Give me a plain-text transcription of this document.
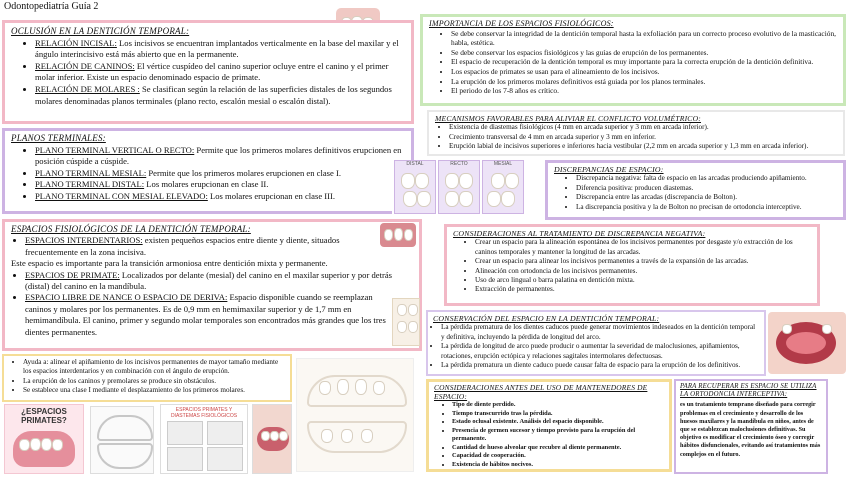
Odontopediatría Guía 2
OCLUSIÓN EN LA DENTICIÓN TEMPORAL:
• RELACIÓN INCISAL: Los incisivos se encuentran implantados verticalmente en la base del maxilar y el ángulo interincisivo está más abierto que en la permanente.
• RELACIÓN DE CANINOS: El vértice cuspídeo del canino superior ocluye entre el canino y el primer molar inferior. Existe un espacio denominado espacio de primate.
• RELACIÓN DE MOLARES : Se clasifican según la relación de las superficies distales de los segundos molares denominadas planos terminales (plano recto, escalón mesial o escalón distal).
PLANOS TERMINALES:
• PLANO TERMINAL VERTICAL O RECTO: Permite que los primeros molares definitivos erupcionen en posición cúspide a cúspide.
• PLANO TERMINAL MESIAL: Permite que los primeros molares erupcionen en clase I.
• PLANO TERMINAL DISTAL: Los molares erupcionan en clase II.
• PLANO TERMINAL CON MESIAL ELEVADO: Los molares erupcionan en clase III.
ESPACIOS FISIOLÓGICOS DE LA DENTICIÓN TEMPORAL:
• ESPACIOS INTERDENTARIOS: existen pequeños espacios entre diente y diente, situados frecuentemente en la zona incisiva.
Este espacio es importante para la transición armoniosa entre dentición mixta y permanente.
• ESPACIOS DE PRIMATE: Localizados por delante (mesial) del canino en el maxilar superior y por detrás (distal) del canino en la mandíbula.
• ESPACIO LIBRE DE NANCE O ESPACIO DE DERIVA: Espacio disponible cuando se reemplazan caninos y molares por los permanentes. Es de 0,9 mm en hemimaxilar superior y de 1,7 mm en hemimandíbula. El canino, primer y segundo molar temporales son encontrados más grandes que los tres dientes permanentes.
• Ayuda a: alinear el apiñamiento de los incisivos permanentes de mayor tamaño mediante los espacios interdentarios y en combinación con el ángulo de erupción.
• La erupción de los caninos y premolares se produce sin obstáculos.
• Se establece una clase I mediante el desplazamiento de los primeros molares.
¿ESPACIOS PRIMATES?
ESPACIOS PRIMATES Y DIASTEMAS FISIOLÓGICOS
IMPORTANCIA DE LOS ESPACIOS FISIOLÓGICOS:
• Se debe conservar la integridad de la dentición temporal hasta la exfoliación para un correcto proceso evolutivo de la masticación, habla, estética.
• Se debe conservar los espacios fisiológicos y las guías de erupción de los permanentes.
• El espacio de recuperación de la dentición temporal es muy importante para la correcta erupción de la dentición definitiva.
• Los espacios de primates se usan para el alineamiento de los incisivos.
• La erupción de los primeros molares definitivos está guiada por los planos terminales.
• El periodo de los 7-8 años es crítico.
MECANISMOS FAVORABLES PARA ALIVIAR EL CONFLICTO VOLUMÉTRICO:
• Existencia de diastemas fisiológicos (4 mm en arcada superior y 3 mm en arcada inferior).
• Crecimiento transversal de 4 mm en arcada superior y 3 mm en inferior.
• Erupción labial de incisivos superiores e inferiores hacia vestibular (2,2 mm en arcada superior y 1,3 mm en arcada inferior).
DISTAL	RECTO	MESIAL
DISCREPANCIAS DE ESPACIO:
• Discrepancia negativa: falta de espacio en las arcadas produciendo apiñamiento.
• Diferencia positiva: producen diastemas.
• Discrepancia entre las arcadas (discrepancia de Bolton).
• La discrepancia positiva y la de Bolton no precisan de ortodoncia interceptive.
CONSIDERACIONES AL TRATAMIENTO DE DISCREPANCIA NEGATIVA:
• Crear un espacio para la alineación espontánea de los incisivos permanentes por desgaste y/o extracción de los caninos temporales y mantener la longitud de las arcadas.
• Crear un espacio para alinear los incisivos permanentes a través de la expansión de las arcadas.
• Alineación con ortodoncia de los incisivos permanentes.
• Uso de arco lingual o barra palatina en dentición mixta.
• Extracción de permanentes.
CONSERVACIÓN DEL ESPACIO EN LA DENTICIÓN TEMPORAL:
• La pérdida prematura de los dientes caducos puede generar movimientos indeseados en la dentición temporal y definitiva, incluyendo la pérdida de longitud del arco.
• La pérdida de longitud de arco puede producir o aumentar la severidad de maloclusiones, apiñamientos, rotaciones, erupción ectópica y relaciones sagitales intermolares defectuosas.
• La pérdida prematura un diente caduco puede causar falta de espacio para la erupción de los definitivos.
CONSIDERACIONES ANTES DEL USO DE MANTENEDORES DE ESPACIO:
• Tipo de diente perdido.
• Tiempo transcurrido tras la pérdida.
• Estado oclusal existente. Análisis del espacio disponible.
• Presencia de germen sucesor y tiempo previsto para la erupción del permanente.
• Cantidad de hueso alveolar que recubre al diente permanente.
• Capacidad de cooperación.
• Existencia de hábitos nocivos.
PARA RECUPERAR ES ESPACIO SE UTILIZA LA ORTODONCIA INTERCEPTIVA:
es un tratamiento temprano diseñado para corregir problemas en el crecimiento y desarrollo de los huesos maxilares y la mandíbula en niños, antes de que se establezcan maloclusiones definitivas. Su objetivo es modificar el crecimiento óseo y corregir hábitos disfuncionales, evitando así tratamientos más complejos en el futuro.
